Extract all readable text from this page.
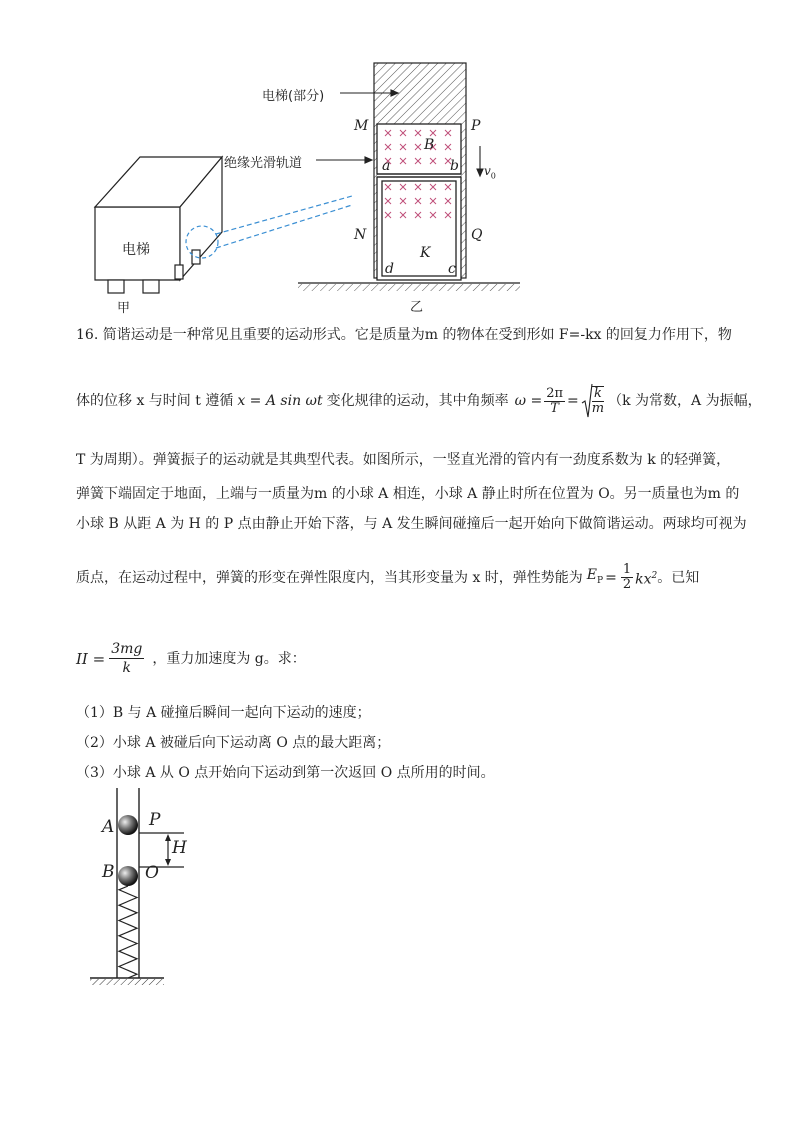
电梯(部分)
绝缘光滑轨道
电梯
甲	乙
M	P
N	Q
B
K
a	b
c
d
$v_0$
16. 简谐运动是一种常见且重要的运动形式。它是质量为m 的物体在受到形如 F=-kx 的回复力作用下，物
体的位移 x 与时间 t 遵循 x = A sin ωt 变化规律的运动，其中角频率 $\omega = \frac{2\pi}{T} = \frac{k}{m} (k$ 为常数，A 为振幅，
T 为周期）。弹簧振子的运动就是其典型代表。如图所示，一竖直光滑的管内有一劲度系数为 k 的轻弹簧，
弹簧下端固定于地面，上端与一质量为m 的小球 A 相连，小球 A 静止时所在位置为 O。另一质量也为m 的
小球 B 从距 A 为 H 的 P 点由静止开始下落，与 A 发生瞬间碰撞后一起开始向下做简谐运动。两球均可视为
质点，在运动过程中，弹簧的形变在弹性限度内，当其形变量为 x 时，弹性势能为 $E_P = \frac{1}{2} kx^2$ 。已知
II = $\frac{3mg}{k}$ ，重力加速度为 g。求：
（1）B 与 A 碰撞后瞬间一起向下运动的速度；
（2）小球 A 被碰后向下运动离 O 点的最大距离；
（3）小球 A 从 O 点开始向下运动到第一次返回 O 点所用的时间。
A P
H
B O
